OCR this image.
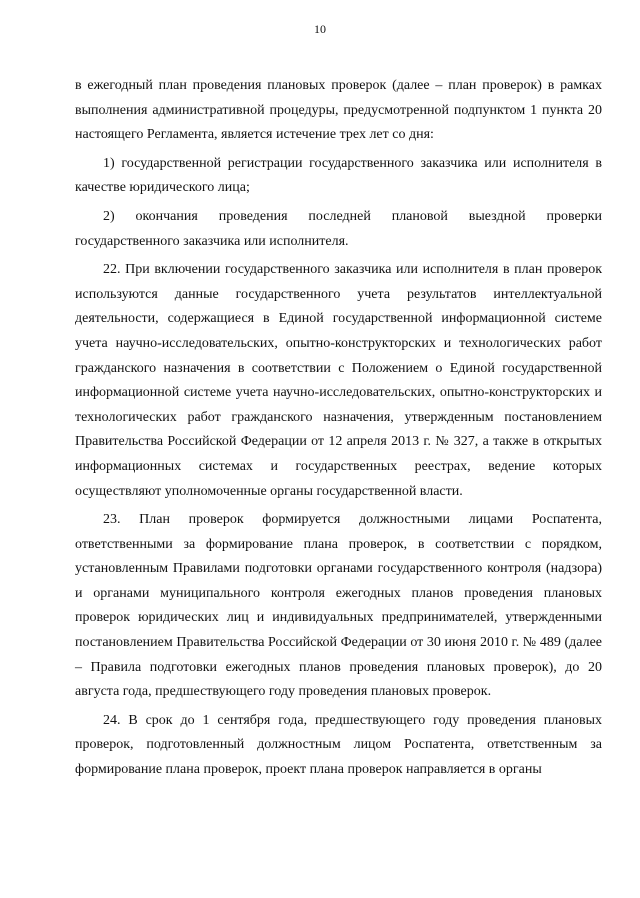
10

в ежегодный план проведения плановых проверок (далее – план проверок) в рамках выполнения административной процедуры, предусмотренной подпунктом 1 пункта 20 настоящего Регламента, является истечение трех лет со дня:

1) государственной регистрации государственного заказчика или исполнителя в качестве юридического лица;

2) окончания проведения последней плановой выездной проверки государственного заказчика или исполнителя.

22. При включении государственного заказчика или исполнителя в план проверок используются данные государственного учета результатов интеллектуальной деятельности, содержащиеся в Единой государственной информационной системе учета научно-исследовательских, опытно-конструкторских и технологических работ гражданского назначения в соответствии с Положением о Единой государственной информационной системе учета научно-исследовательских, опытно-конструкторских и технологических работ гражданского назначения, утвержденным постановлением Правительства Российской Федерации от 12 апреля 2013 г. № 327, а также в открытых информационных системах и государственных реестрах, ведение которых осуществляют уполномоченные органы государственной власти.

23. План проверок формируется должностными лицами Роспатента, ответственными за формирование плана проверок, в соответствии с порядком, установленным Правилами подготовки органами государственного контроля (надзора) и органами муниципального контроля ежегодных планов проведения плановых проверок юридических лиц и индивидуальных предпринимателей, утвержденными постановлением Правительства Российской Федерации от 30 июня 2010 г. № 489 (далее – Правила подготовки ежегодных планов проведения плановых проверок), до 20 августа года, предшествующего году проведения плановых проверок.

24. В срок до 1 сентября года, предшествующего году проведения плановых проверок, подготовленный должностным лицом Роспатента, ответственным за формирование плана проверок, проект плана проверок направляется в органы
